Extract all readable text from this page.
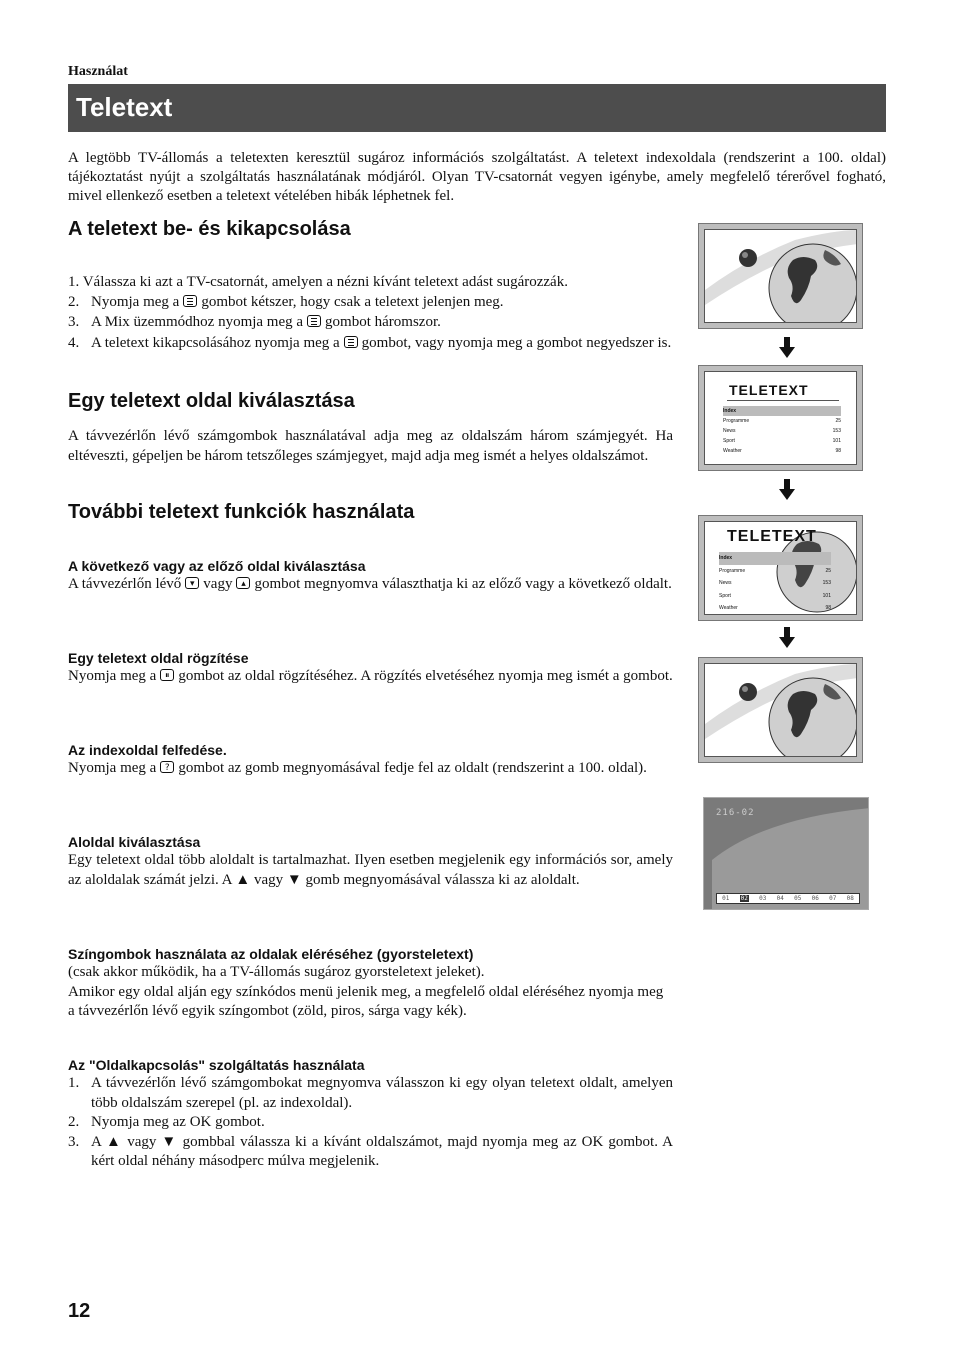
Használat
Teletext

A legtöbb TV-állomás a teletexten keresztül sugároz információs szolgáltatást. A teletext indexoldala (rendszerint a 100. oldal) tájékoztatást nyújt a szolgáltatás használatának módjáról. Olyan TV-csatornát vegyen igénybe, amely megfelelő térerővel fogható, mivel ellenkező esetben a teletext vételében hibák léphetnek fel.

A teletext be- és kikapcsolása
1. Válassza ki azt a TV-csatornát, amelyen a nézni kívánt teletext adást sugározzák.
2. Nyomja meg a gombot kétszer, hogy csak a teletext jelenjen meg.
3. A Mix üzemmódhoz nyomja meg a gombot háromszor.
4. A teletext kikapcsolásához nyomja meg a gombot, vagy nyomja meg a gombot negyedszer is.
Egy teletext oldal kiválasztása

A távvezérlőn lévő számgombok használatával adja meg az oldalszám három számjegyét. Ha eltéveszti, gépeljen be három tetszőleges számjegyet, majd adja meg ismét a helyes oldalszámot.

További teletext funkciók használata
A következő vagy az előző oldal kiválasztása
A távvezérlőn lévő ▾ vagy ▴ gombot megnyomva választhatja ki az előző vagy a következő oldalt.
Egy teletext oldal rögzítése
Nyomja meg a ⏸ gombot az oldal rögzítéséhez. A rögzítés elvetéséhez nyomja meg ismét a gombot.
Az indexoldal felfedése.
Nyomja meg a ? gombot az gomb megnyomásával fedje fel az oldalt (rendszerint a 100. oldal).
Aloldal kiválasztása
Egy teletext oldal több aloldalt is tartalmazhat. Ilyen esetben megjelenik egy információs sor, amely az aloldalak számát jelzi. A ▲ vagy ▼ gomb megnyomásával válassza ki az aloldalt.
Színgombok használata az oldalak eléréséhez (gyorsteletext)
(csak akkor működik, ha a TV-állomás sugároz gyorsteletext jeleket).
Amikor egy oldal alján egy színkódos menü jelenik meg, a megfelelő oldal eléréséhez nyomja meg a távvezérlőn lévő egyik színgombot (zöld, piros, sárga vagy kék).
Az "Oldalkapcsolás" szolgáltatás használata
1. A távvezérlőn lévő számgombokat megnyomva válasszon ki egy olyan teletext oldalt, amelyen több oldalszám szerepel (pl. az indexoldal).
2. Nyomja meg az OK gombot.
3. A ▲ vagy ▼ gombbal válassza ki a kívánt oldalszámot, majd nyomja meg az OK gombot. A kért oldal néhány másodperc múlva megjelenik.
12
TELETEXT
Index
Programme	25
News	153
Sport	101
Weather	98
TELETEXT
Index
Programme	25
News	153
Sport	101
Weather	98
216-02
01 02 03 04 05 06 07 08
